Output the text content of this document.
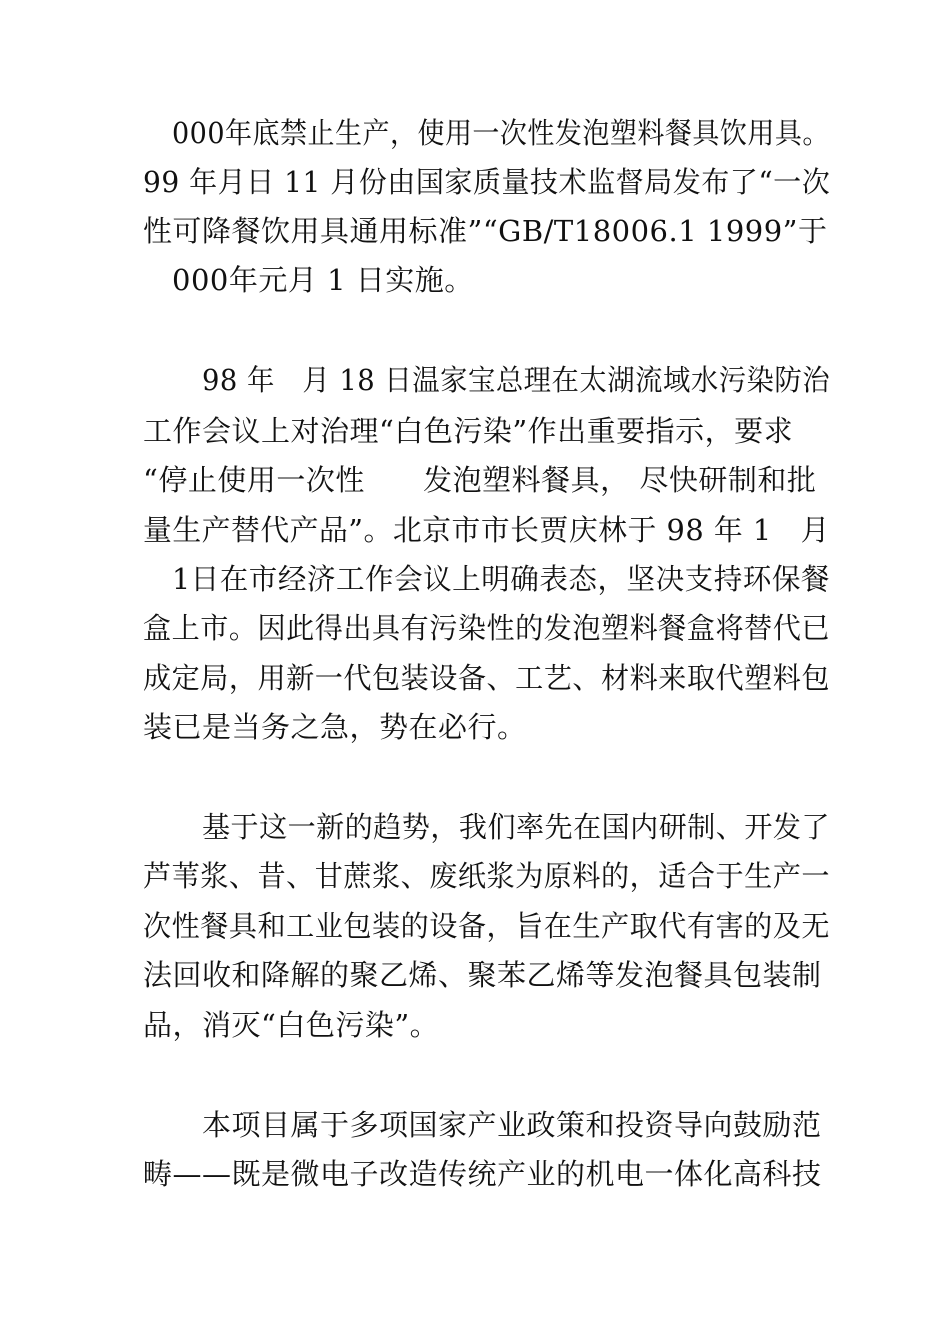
000年底禁止生产，使用一次性发泡塑料餐具饮用具。
99 年月日 11 月份由国家质量技术监督局发布了“一次
性可降餐饮用具通用标准”“GB/T18006.1 1999”于
000年元月 1 日实施。
98 年   月 18 日温家宝总理在太湖流域水污染防治
工作会议上对治理“白色污染”作出重要指示，要求
“停止使用一次性      发泡塑料餐具， 尽快研制和批
量生产替代产品”。北京市市长贾庆林于 98 年 1   月
1日在市经济工作会议上明确表态，坚决支持环保餐
盒上市。因此得出具有污染性的发泡塑料餐盒将替代已
成定局，用新一代包装设备、工艺、材料来取代塑料包
装已是当务之急，势在必行。
基于这一新的趋势，我们率先在国内研制、开发了
芦苇浆、昔、甘蔗浆、废纸浆为原料的，适合于生产一
次性餐具和工业包装的设备，旨在生产取代有害的及无
法回收和降解的聚乙烯、聚苯乙烯等发泡餐具包装制
品，消灭“白色污染”。
本项目属于多项国家产业政策和投资导向鼓励范
畴——既是微电子改造传统产业的机电一体化高科技
